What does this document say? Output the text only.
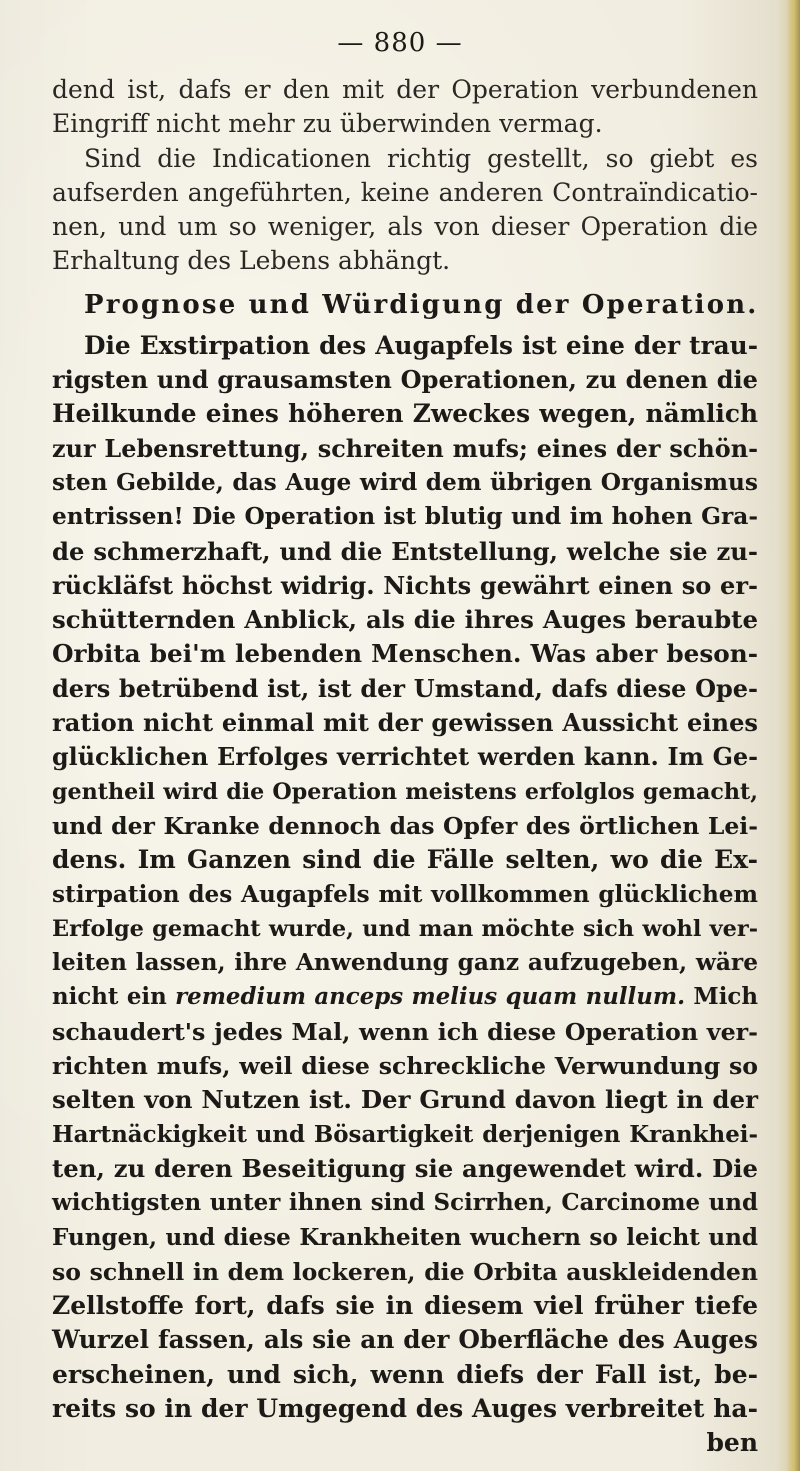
— 880 —
dend ist, dafs er den mit der Operation verbundenen
Eingriff nicht mehr zu überwinden vermag.
Sind die Indicationen richtig gestellt, so giebt es
aufserden angeführten, keine anderen Contraïndicatio-
nen, und um so weniger, als von dieser Operation die
Erhaltung des Lebens abhängt.
Prognose und Würdigung der Operation.
Die Exstirpation des Augapfels ist eine der trau-
rigsten und grausamsten Operationen, zu denen die
Heilkunde eines höheren Zweckes wegen, nämlich
zur Lebensrettung, schreiten mufs; eines der schön-
sten Gebilde, das Auge wird dem übrigen Organismus
entrissen! Die Operation ist blutig und im hohen Gra-
de schmerzhaft, und die Entstellung, welche sie zu-
rückläfst höchst widrig. Nichts gewährt einen so er-
schütternden Anblick, als die ihres Auges beraubte
Orbita bei'm lebenden Menschen. Was aber beson-
ders betrübend ist, ist der Umstand, dafs diese Ope-
ration nicht einmal mit der gewissen Aussicht eines
glücklichen Erfolges verrichtet werden kann. Im Ge-
gentheil wird die Operation meistens erfolglos gemacht,
und der Kranke dennoch das Opfer des örtlichen Lei-
dens. Im Ganzen sind die Fälle selten, wo die Ex-
stirpation des Augapfels mit vollkommen glücklichem
Erfolge gemacht wurde, und man möchte sich wohl ver-
leiten lassen, ihre Anwendung ganz aufzugeben, wäre
nicht ein remedium anceps melius quam nullum. Mich
schaudert's jedes Mal, wenn ich diese Operation ver-
richten mufs, weil diese schreckliche Verwundung so
selten von Nutzen ist. Der Grund davon liegt in der
Hartnäckigkeit und Bösartigkeit derjenigen Krankhei-
ten, zu deren Beseitigung sie angewendet wird. Die
wichtigsten unter ihnen sind Scirrhen, Carcinome und
Fungen, und diese Krankheiten wuchern so leicht und
so schnell in dem lockeren, die Orbita auskleidenden
Zellstoffe fort, dafs sie in diesem viel früher tiefe
Wurzel fassen, als sie an der Oberfläche des Auges
erscheinen, und sich, wenn diefs der Fall ist, be-
reits so in der Umgegend des Auges verbreitet ha-
ben
